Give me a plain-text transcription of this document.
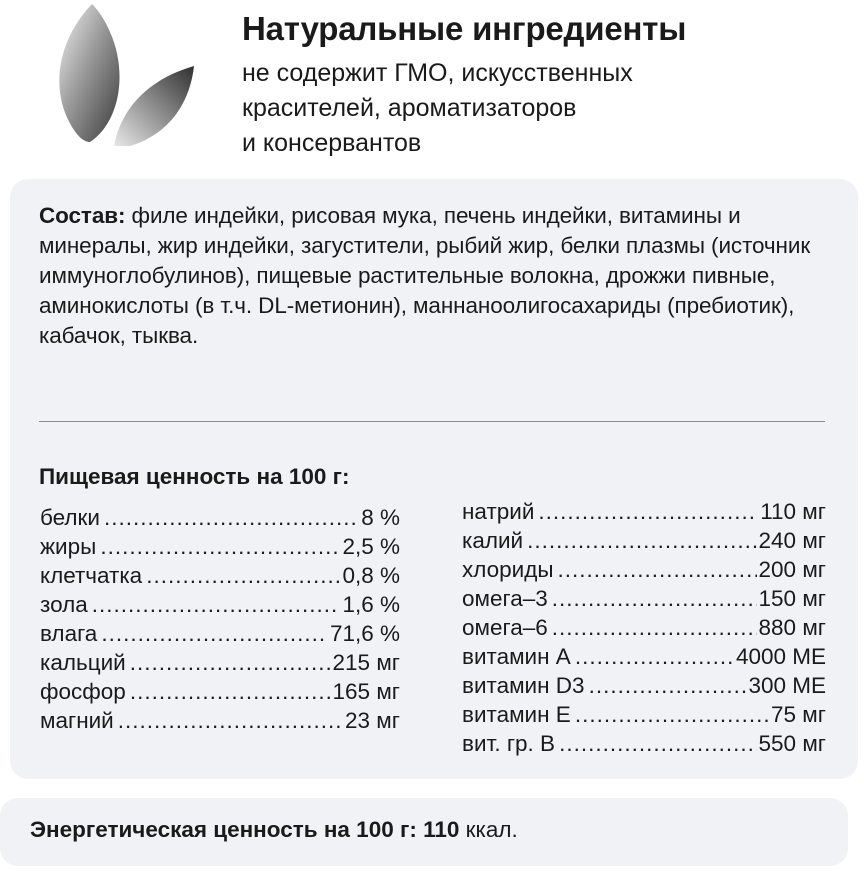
Натуральные ингредиенты
не содержит ГМО, искусственных
красителей, ароматизаторов
и консервантов
Состав: филе индейки, рисовая мука, печень индейки, витамины и минералы, жир индейки, загустители, рыбий жир, белки плазмы (источник иммуноглобулинов), пищевые растительные волокна, дрожжи пивные, аминокислоты (в т.ч. DL-метионин), маннаноолигосахариды (пребиотик), кабачок, тыква.
Пищевая ценность на 100 г:
белки .....	8 %
жиры .....	2,5 %
клетчатка .....	0,8 %
зола .....	1,6 %
влага .....	71,6 %
кальций .....	215 мг
фосфор .....	165 мг
магний .....	23 мг
натрий .....	110 мг
калий .....	240 мг
хлориды .....	200 мг
омега–3 .....	150 мг
омега–6 .....	880 мг
витамин А .....	4000 МЕ
витамин D3 .....	300 МЕ
витамин Е .....	75 мг
вит. гр. В .....	550 мг
Энергетическая ценность на 100 г: 110 ккал.
